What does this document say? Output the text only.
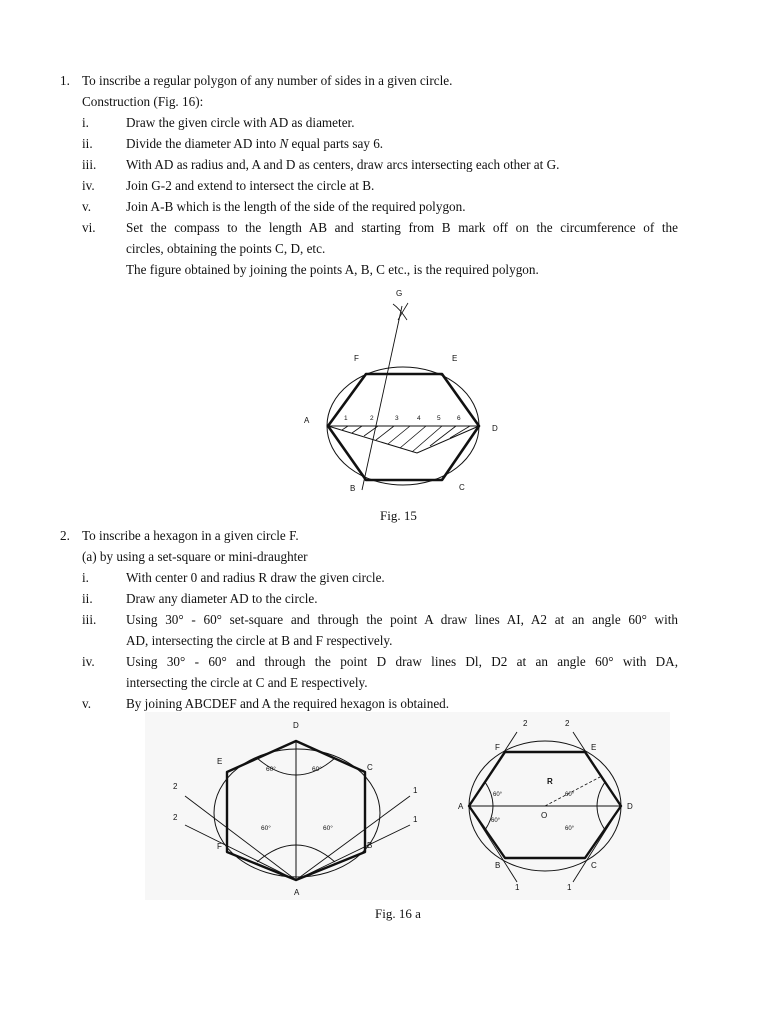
1. To inscribe a regular polygon of any number of sides in a given circle.
Construction (Fig. 16):
i.	Draw the given circle with AD as diameter.
ii.	Divide the diameter AD into N equal parts say 6.
iii. With AD as radius and, A and D as centers, draw arcs intersecting each other at G.
iv. Join G-2 and extend to intersect the circle at B.
v.	Join A-B which is the length of the side of the required polygon.
vi. Set the compass to the length AB and starting from B mark off on the circumference of the
circles, obtaining the points C, D, etc.
The figure obtained by joining the points A, B, C etc., is the required polygon.
G
F	E
A
D
B	C
1	2	3	4	5	6
Fig. 15
2. To inscribe a hexagon in a given circle F.
(a) by using a set-square or mini-draughter
i.	With center 0 and radius R draw the given circle.
ii.	Draw any diameter AD to the circle.
iii. Using 30° - 60° set-square and through the point A draw lines AI, A2 at an angle 60° with
AD, intersecting the circle at B and F respectively.
iv. Using 30° - 60° and through the point D draw lines Dl, D2 at an angle 60° with DA,
intersecting the circle at C and E respectively.
v.	By joining ABCDEF and A the required hexagon is obtained.
D
E
C
F	B
A
2
2
1
1
60°	60°
60°	60°
2	2
F	E
A
O
D
R
B	C
1	1
60°
60°
60°
60°
Fig. 16 a
